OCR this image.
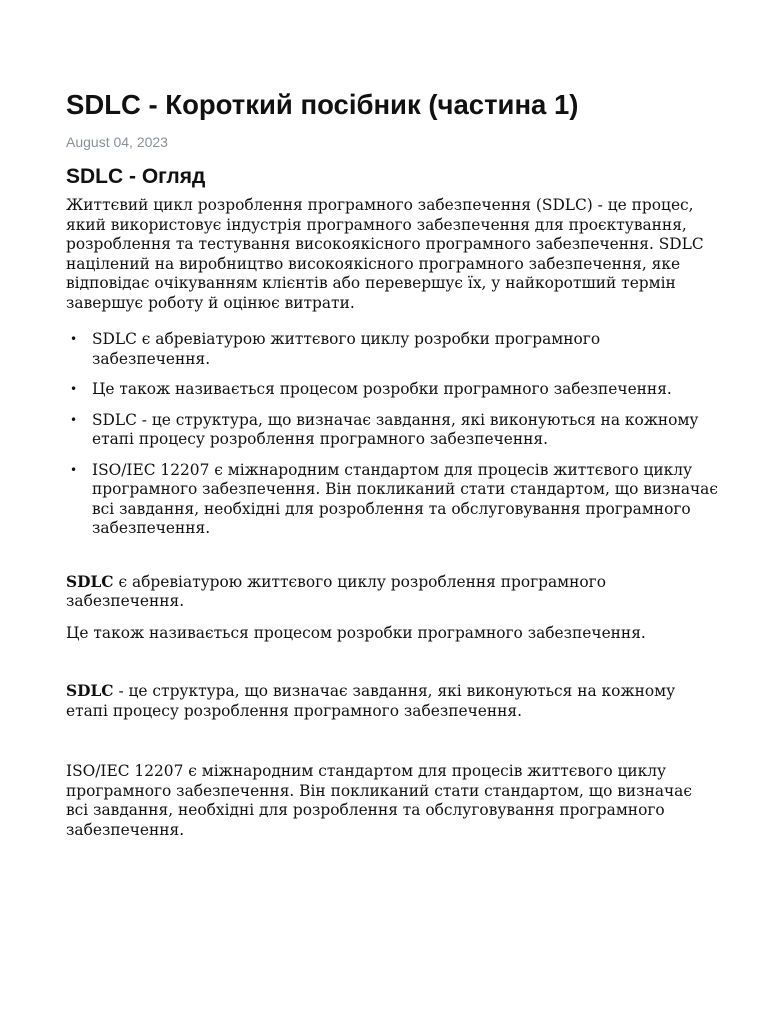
SDLC - Короткий посібник (частина 1)
August 04, 2023
SDLC - Огляд

Життєвий цикл розроблення програмного забезпечення (SDLC) - це процес, який використовує індустрія програмного забезпечення для проєктування, розроблення та тестування високоякісного програмного забезпечення. SDLC націлений на виробництво високоякісного програмного забезпечення, яке відповідає очікуванням клієнтів або перевершує їх, у найкоротший термін завершує роботу й оцінює витрати.

• SDLC є абревіатурою життєвого циклу розробки програмного забезпечення.
• Це також називається процесом розробки програмного забезпечення.
• SDLC - це структура, що визначає завдання, які виконуються на кожному етапі процесу розроблення програмного забезпечення.
• ISO/IEC 12207 є міжнародним стандартом для процесів життєвого циклу програмного забезпечення. Він покликаний стати стандартом, що визначає всі завдання, необхідні для розроблення та обслуговування програмного забезпечення.

SDLC є абревіатурою життєвого циклу розроблення програмного забезпечення.

Це також називається процесом розробки програмного забезпечення.

SDLC - це структура, що визначає завдання, які виконуються на кожному етапі процесу розроблення програмного забезпечення.

ISO/IEC 12207 є міжнародним стандартом для процесів життєвого циклу програмного забезпечення. Він покликаний стати стандартом, що визначає всі завдання, необхідні для розроблення та обслуговування програмного забезпечення.
